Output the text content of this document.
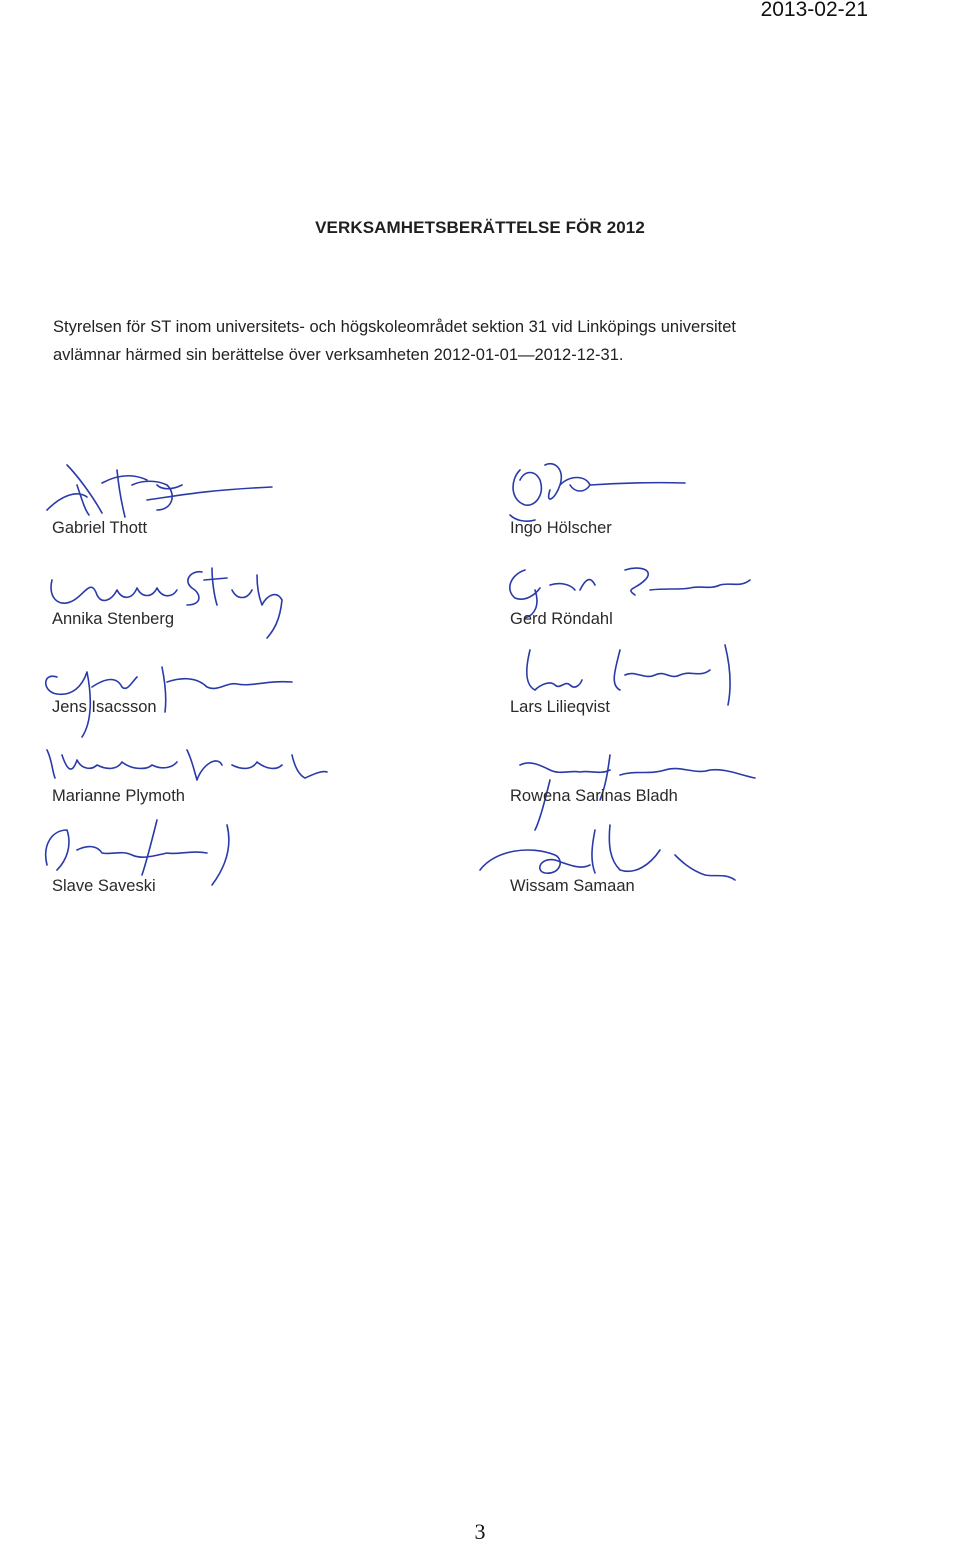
2013-02-21
VERKSAMHETSBERÄTTELSE FÖR 2012

Styrelsen för ST inom universitets- och högskoleområdet sektion 31 vid Linköpings universitet

avlämnar härmed sin berättelse över verksamheten 2012-01-01—2012-12-31.

Gabriel Thott
Annika Stenberg
Jens Isacsson
Marianne Plymoth
Slave Saveski
Ingo Hölscher
Gerd Röndahl
Lars Lilieqvist
Rowena Sarinas Bladh
Wissam Samaan
3
